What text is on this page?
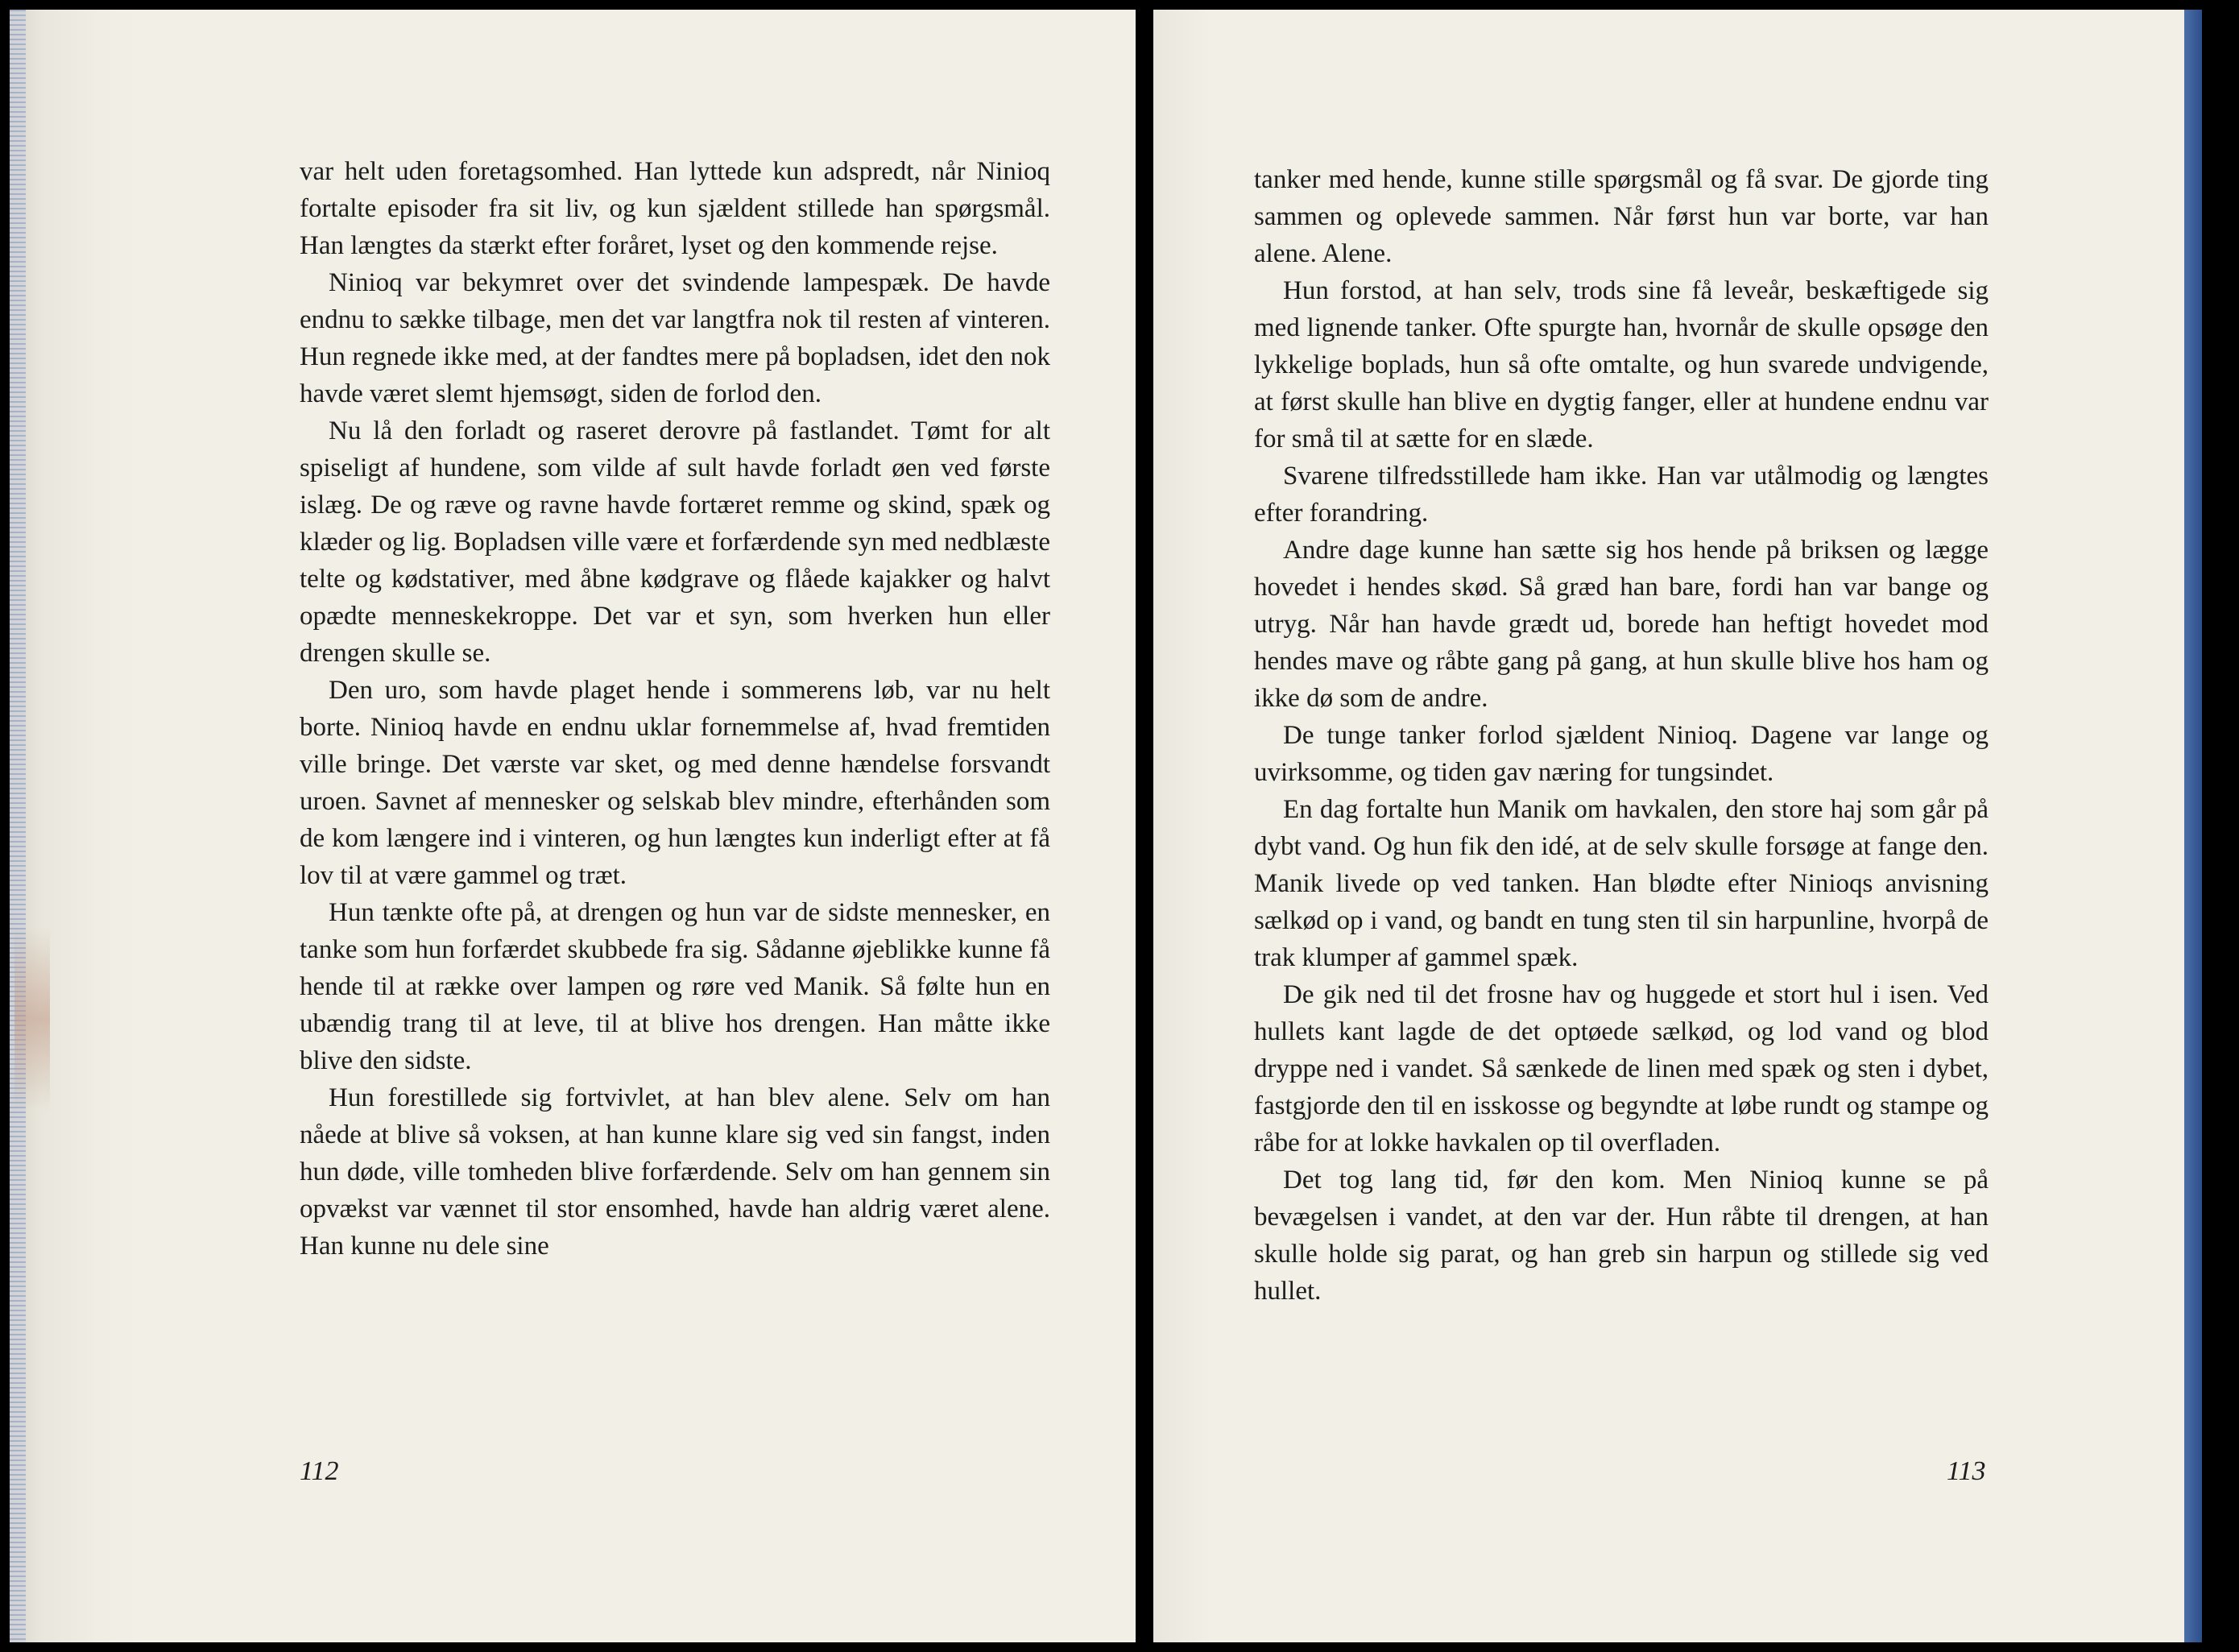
var helt uden foretagsomhed. Han lyttede kun adspredt, når Ninioq fortalte episoder fra sit liv, og kun sjældent stillede han spørgsmål. Han længtes da stærkt efter foråret, lyset og den kommende rejse.

Ninioq var bekymret over det svindende lampespæk. De havde endnu to sække tilbage, men det var langtfra nok til resten af vinteren. Hun regnede ikke med, at der fandtes mere på bopladsen, idet den nok havde været slemt hjemsøgt, siden de forlod den.

Nu lå den forladt og raseret derovre på fastlandet. Tømt for alt spiseligt af hundene, som vilde af sult havde forladt øen ved første islæg. De og ræve og ravne havde fortæret remme og skind, spæk og klæder og lig. Bopladsen ville være et forfærdende syn med nedblæste telte og kødstativer, med åbne kødgrave og flåede kajakker og halvt opædte menneskekroppe. Det var et syn, som hverken hun eller drengen skulle se.

Den uro, som havde plaget hende i sommerens løb, var nu helt borte. Ninioq havde en endnu uklar fornemmelse af, hvad fremtiden ville bringe. Det værste var sket, og med denne hændelse forsvandt uroen. Savnet af mennesker og selskab blev mindre, efterhånden som de kom længere ind i vinteren, og hun længtes kun inderligt efter at få lov til at være gammel og træt.

Hun tænkte ofte på, at drengen og hun var de sidste mennesker, en tanke som hun forfærdet skubbede fra sig. Sådanne øjeblikke kunne få hende til at række over lampen og røre ved Manik. Så følte hun en ubændig trang til at leve, til at blive hos drengen. Han måtte ikke blive den sidste.

Hun forestillede sig fortvivlet, at han blev alene. Selv om han nåede at blive så voksen, at han kunne klare sig ved sin fangst, inden hun døde, ville tomheden blive forfærdende. Selv om han gennem sin opvækst var vænnet til stor ensomhed, havde han aldrig været alene. Han kunne nu dele sine

112

tanker med hende, kunne stille spørgsmål og få svar. De gjorde ting sammen og oplevede sammen. Når først hun var borte, var han alene. Alene.

Hun forstod, at han selv, trods sine få leveår, beskæftigede sig med lignende tanker. Ofte spurgte han, hvornår de skulle opsøge den lykkelige boplads, hun så ofte omtalte, og hun svarede undvigende, at først skulle han blive en dygtig fanger, eller at hundene endnu var for små til at sætte for en slæde.

Svarene tilfredsstillede ham ikke. Han var utålmodig og længtes efter forandring.

Andre dage kunne han sætte sig hos hende på briksen og lægge hovedet i hendes skød. Så græd han bare, fordi han var bange og utryg. Når han havde grædt ud, borede han heftigt hovedet mod hendes mave og råbte gang på gang, at hun skulle blive hos ham og ikke dø som de andre.

De tunge tanker forlod sjældent Ninioq. Dagene var lange og uvirksomme, og tiden gav næring for tungsindet.

En dag fortalte hun Manik om havkalen, den store haj som går på dybt vand. Og hun fik den idé, at de selv skulle forsøge at fange den. Manik livede op ved tanken. Han blødte efter Ninioqs anvisning sælkød op i vand, og bandt en tung sten til sin harpunline, hvorpå de trak klumper af gammel spæk.

De gik ned til det frosne hav og huggede et stort hul i isen. Ved hullets kant lagde de det optøede sælkød, og lod vand og blod dryppe ned i vandet. Så sænkede de linen med spæk og sten i dybet, fastgjorde den til en isskosse og begyndte at løbe rundt og stampe og råbe for at lokke havkalen op til overfladen.

Det tog lang tid, før den kom. Men Ninioq kunne se på bevægelsen i vandet, at den var der. Hun råbte til drengen, at han skulle holde sig parat, og han greb sin harpun og stillede sig ved hullet.

113
